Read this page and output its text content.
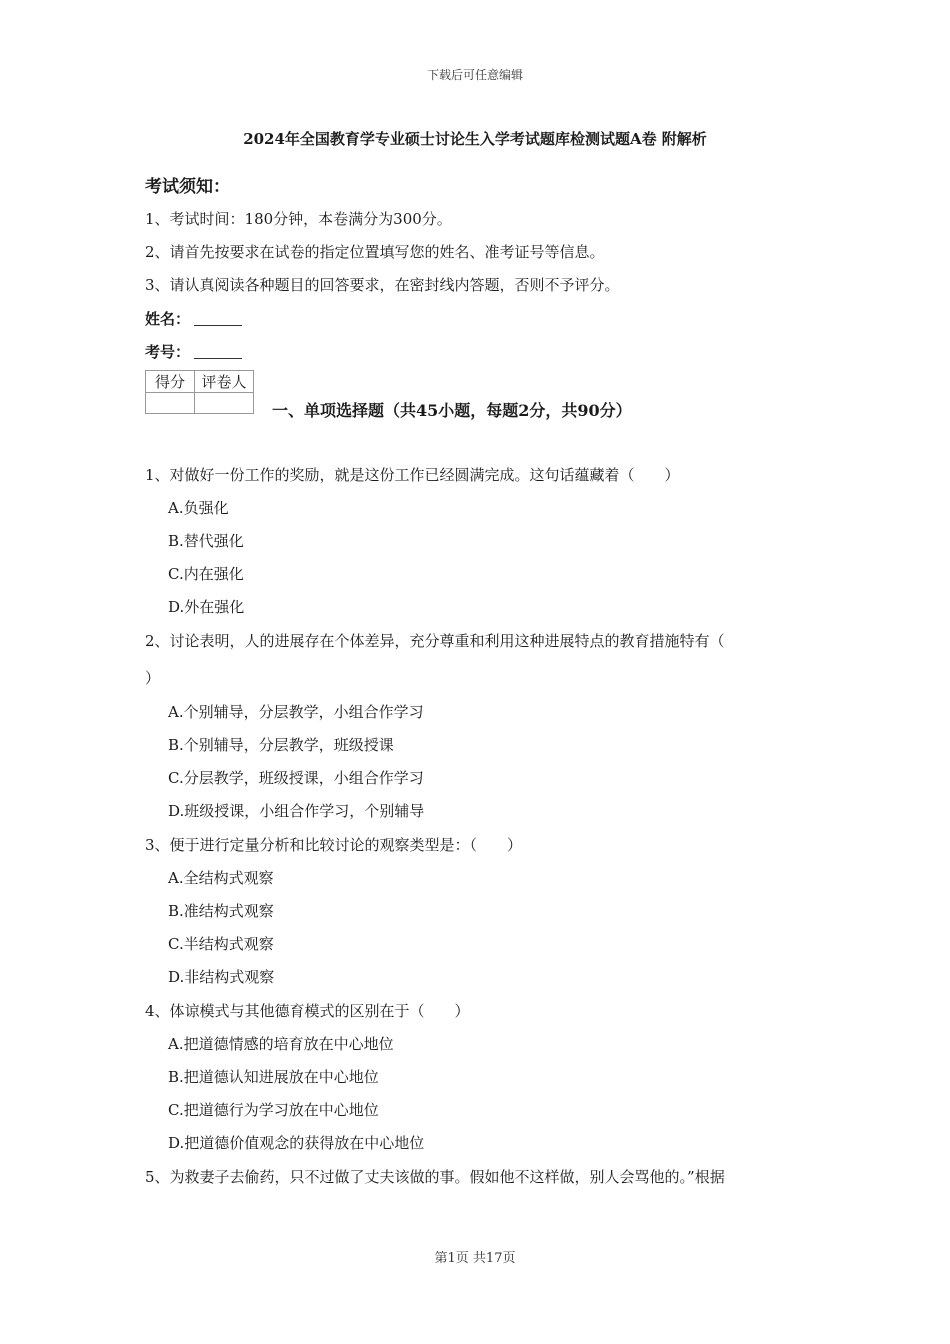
下载后可任意编辑
2024年全国教育学专业硕士讨论生入学考试题库检测试题A卷 附解析
考试须知：
1、考试时间：180分钟，本卷满分为300分。
2、请首先按要求在试卷的指定位置填写您的姓名、准考证号等信息。
3、请认真阅读各种题目的回答要求，在密封线内答题，否则不予评分。
姓名：
考号：
得分	评卷人

一、单项选择题（共45小题，每题2分，共90分）
1、对做好一份工作的奖励，就是这份工作已经圆满完成。这句话蕴藏着（　　）
A.负强化
B.替代强化
C.内在强化
D.外在强化
2、讨论表明，人的进展存在个体差异，充分尊重和利用这种进展特点的教育措施特有（
）
A.个别辅导，分层教学，小组合作学习
B.个别辅导，分层教学，班级授课
C.分层教学，班级授课，小组合作学习
D.班级授课，小组合作学习，个别辅导
3、便于进行定量分析和比较讨论的观察类型是：（　　）
A.全结构式观察
B.准结构式观察
C.半结构式观察
D.非结构式观察
4、体谅模式与其他德育模式的区别在于（　　）
A.把道德情感的培育放在中心地位
B.把道德认知进展放在中心地位
C.把道德行为学习放在中心地位
D.把道德价值观念的获得放在中心地位
5、为救妻子去偷药，只不过做了丈夫该做的事。假如他不这样做，别人会骂他的。”根据
第1页 共17页
